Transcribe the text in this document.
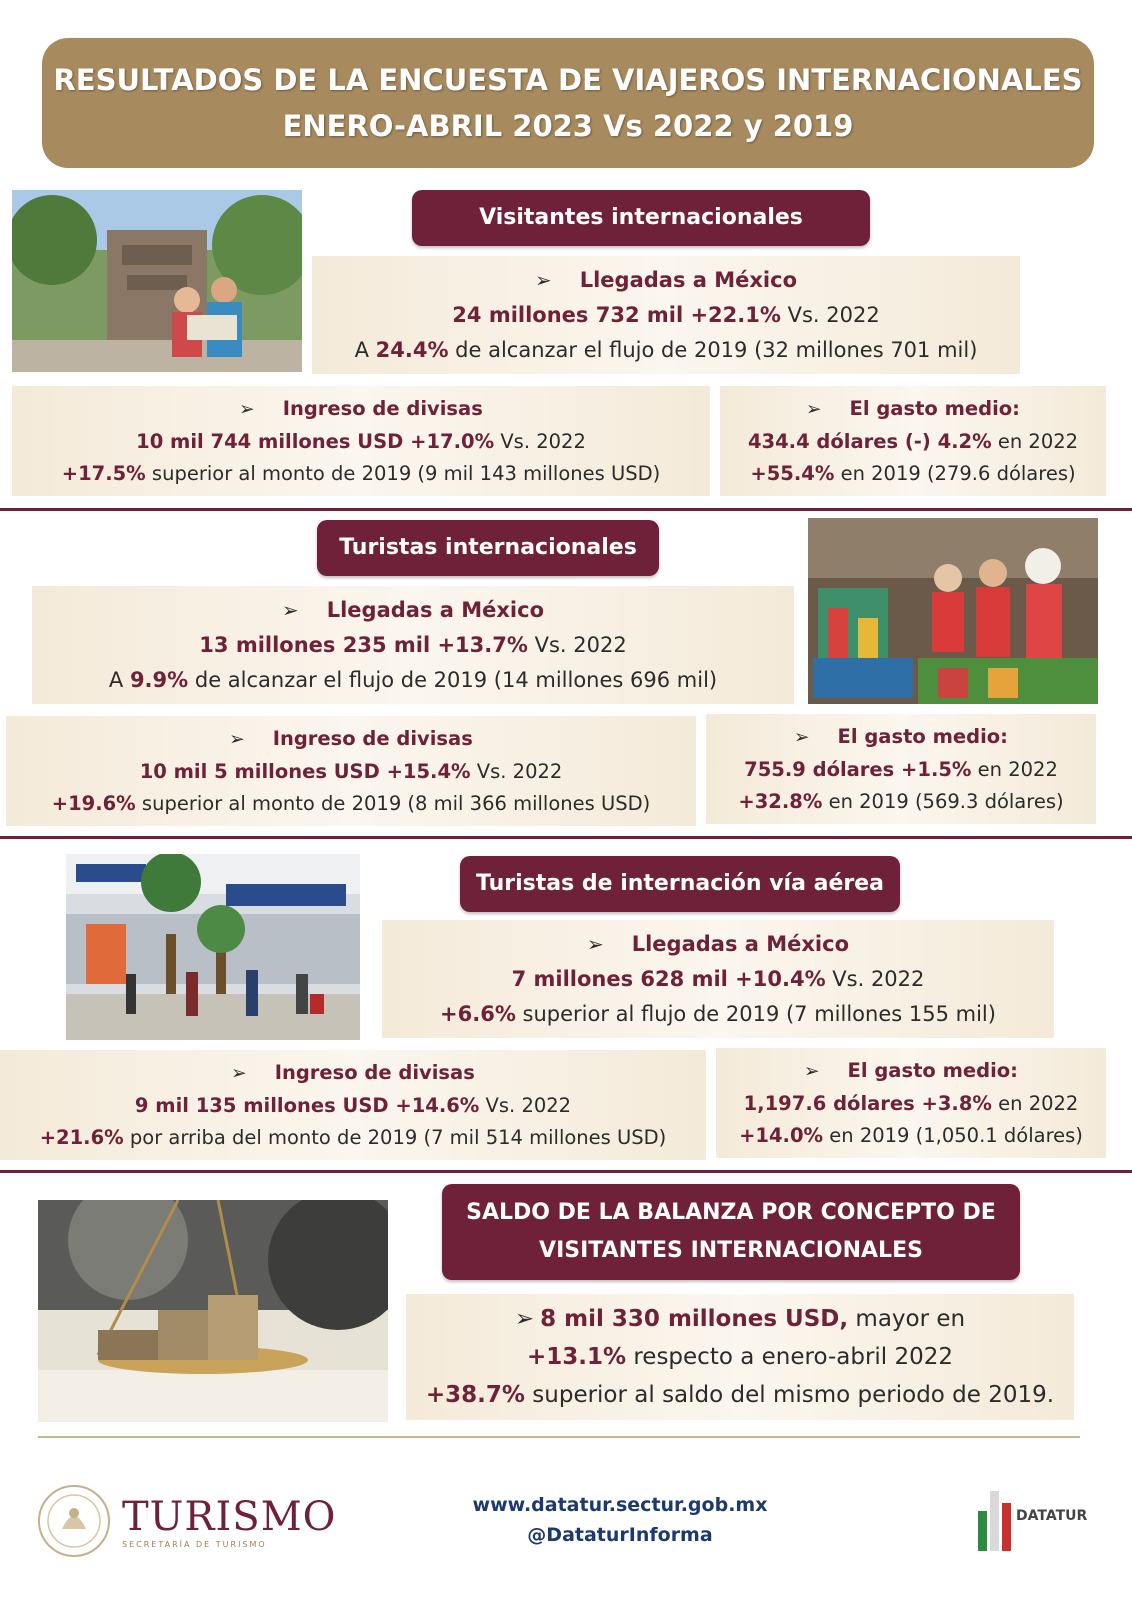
RESULTADOS DE LA ENCUESTA DE VIAJEROS INTERNACIONALES
ENERO-ABRIL 2023 Vs 2022 y 2019
Visitantes internacionales
➢ Llegadas a México
24 millones 732 mil +22.1% Vs. 2022
A 24.4% de alcanzar el flujo de 2019 (32 millones 701 mil)
➢ Ingreso de divisas
10 mil 744 millones USD +17.0% Vs. 2022
+17.5% superior al monto de 2019 (9 mil 143 millones USD)
➢ El gasto medio:
434.4 dólares (-) 4.2% en 2022
+55.4% en 2019 (279.6 dólares)
Turistas internacionales
➢ Llegadas a México
13 millones 235 mil +13.7% Vs. 2022
A 9.9% de alcanzar el flujo de 2019 (14 millones 696 mil)
➢ Ingreso de divisas
10 mil 5 millones USD +15.4% Vs. 2022
+19.6% superior al monto de 2019 (8 mil 366 millones USD)
➢ El gasto medio:
755.9 dólares +1.5% en 2022
+32.8% en 2019 (569.3 dólares)
Turistas de internación vía aérea
➢ Llegadas a México
7 millones 628 mil +10.4% Vs. 2022
+6.6% superior al flujo de 2019 (7 millones 155 mil)
➢ Ingreso de divisas
9 mil 135 millones USD +14.6% Vs. 2022
+21.6% por arriba del monto de 2019 (7 mil 514 millones USD)
➢ El gasto medio:
1,197.6 dólares +3.8% en 2022
+14.0% en 2019 (1,050.1 dólares)
SALDO DE LA BALANZA POR CONCEPTO DE
VISITANTES INTERNACIONALES
➢ 8 mil 330 millones USD, mayor en
+13.1% respecto a enero-abril 2022
+38.7% superior al saldo del mismo periodo de 2019.
TURISMO
SECRETARÍA DE TURISMO
www.datatur.sectur.gob.mx
@DataturInforma
DATATUR
